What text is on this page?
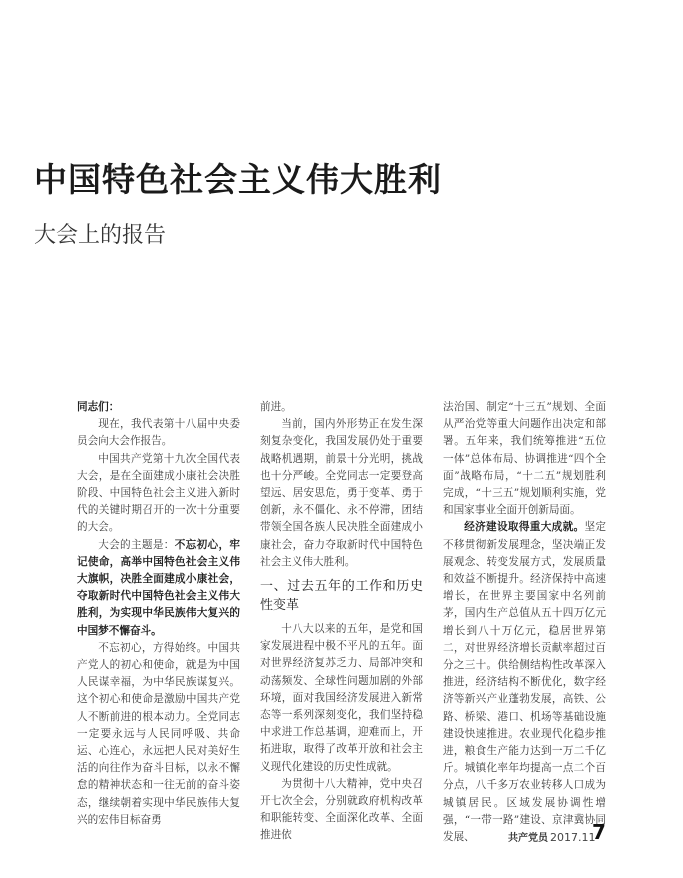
中国特色社会主义伟大胜利
大会上的报告

同志们：

现在，我代表第十八届中央委员会向大会作报告。

中国共产党第十九次全国代表大会，是在全面建成小康社会决胜阶段、中国特色社会主义进入新时代的关键时期召开的一次十分重要的大会。

大会的主题是：不忘初心，牢记使命，高举中国特色社会主义伟大旗帜，决胜全面建成小康社会，夺取新时代中国特色社会主义伟大胜利，为实现中华民族伟大复兴的中国梦不懈奋斗。

不忘初心，方得始终。中国共产党人的初心和使命，就是为中国人民谋幸福，为中华民族谋复兴。这个初心和使命是激励中国共产党人不断前进的根本动力。全党同志一定要永远与人民同呼吸、共命运、心连心，永远把人民对美好生活的向往作为奋斗目标，以永不懈怠的精神状态和一往无前的奋斗姿态，继续朝着实现中华民族伟大复兴的宏伟目标奋勇

前进。

当前，国内外形势正在发生深刻复杂变化，我国发展仍处于重要战略机遇期，前景十分光明，挑战也十分严峻。全党同志一定要登高望远、居安思危，勇于变革、勇于创新，永不僵化、永不停滞，团结带领全国各族人民决胜全面建成小康社会，奋力夺取新时代中国特色社会主义伟大胜利。

一、过去五年的工作和历史性变革

十八大以来的五年，是党和国家发展进程中极不平凡的五年。面对世界经济复苏乏力、局部冲突和动荡频发、全球性问题加剧的外部环境，面对我国经济发展进入新常态等一系列深刻变化，我们坚持稳中求进工作总基调，迎难而上，开拓进取，取得了改革开放和社会主义现代化建设的历史性成就。

为贯彻十八大精神，党中央召开七次全会，分别就政府机构改革和职能转变、全面深化改革、全面推进依

法治国、制定“十三五”规划、全面从严治党等重大问题作出决定和部署。五年来，我们统筹推进“五位一体”总体布局、协调推进“四个全面”战略布局，“十二五”规划胜利完成，“十三五”规划顺利实施，党和国家事业全面开创新局面。

经济建设取得重大成就。坚定不移贯彻新发展理念，坚决端正发展观念、转变发展方式，发展质量和效益不断提升。经济保持中高速增长，在世界主要国家中名列前茅，国内生产总值从五十四万亿元增长到八十万亿元，稳居世界第二，对世界经济增长贡献率超过百分之三十。供给侧结构性改革深入推进，经济结构不断优化，数字经济等新兴产业蓬勃发展，高铁、公路、桥梁、港口、机场等基础设施建设快速推进。农业现代化稳步推进，粮食生产能力达到一万二千亿斤。城镇化率年均提高一点二个百分点，八千多万农业转移人口成为城镇居民。区域发展协调性增强，“一带一路”建设、京津冀协同发展、	共产党员 2017.11
7
